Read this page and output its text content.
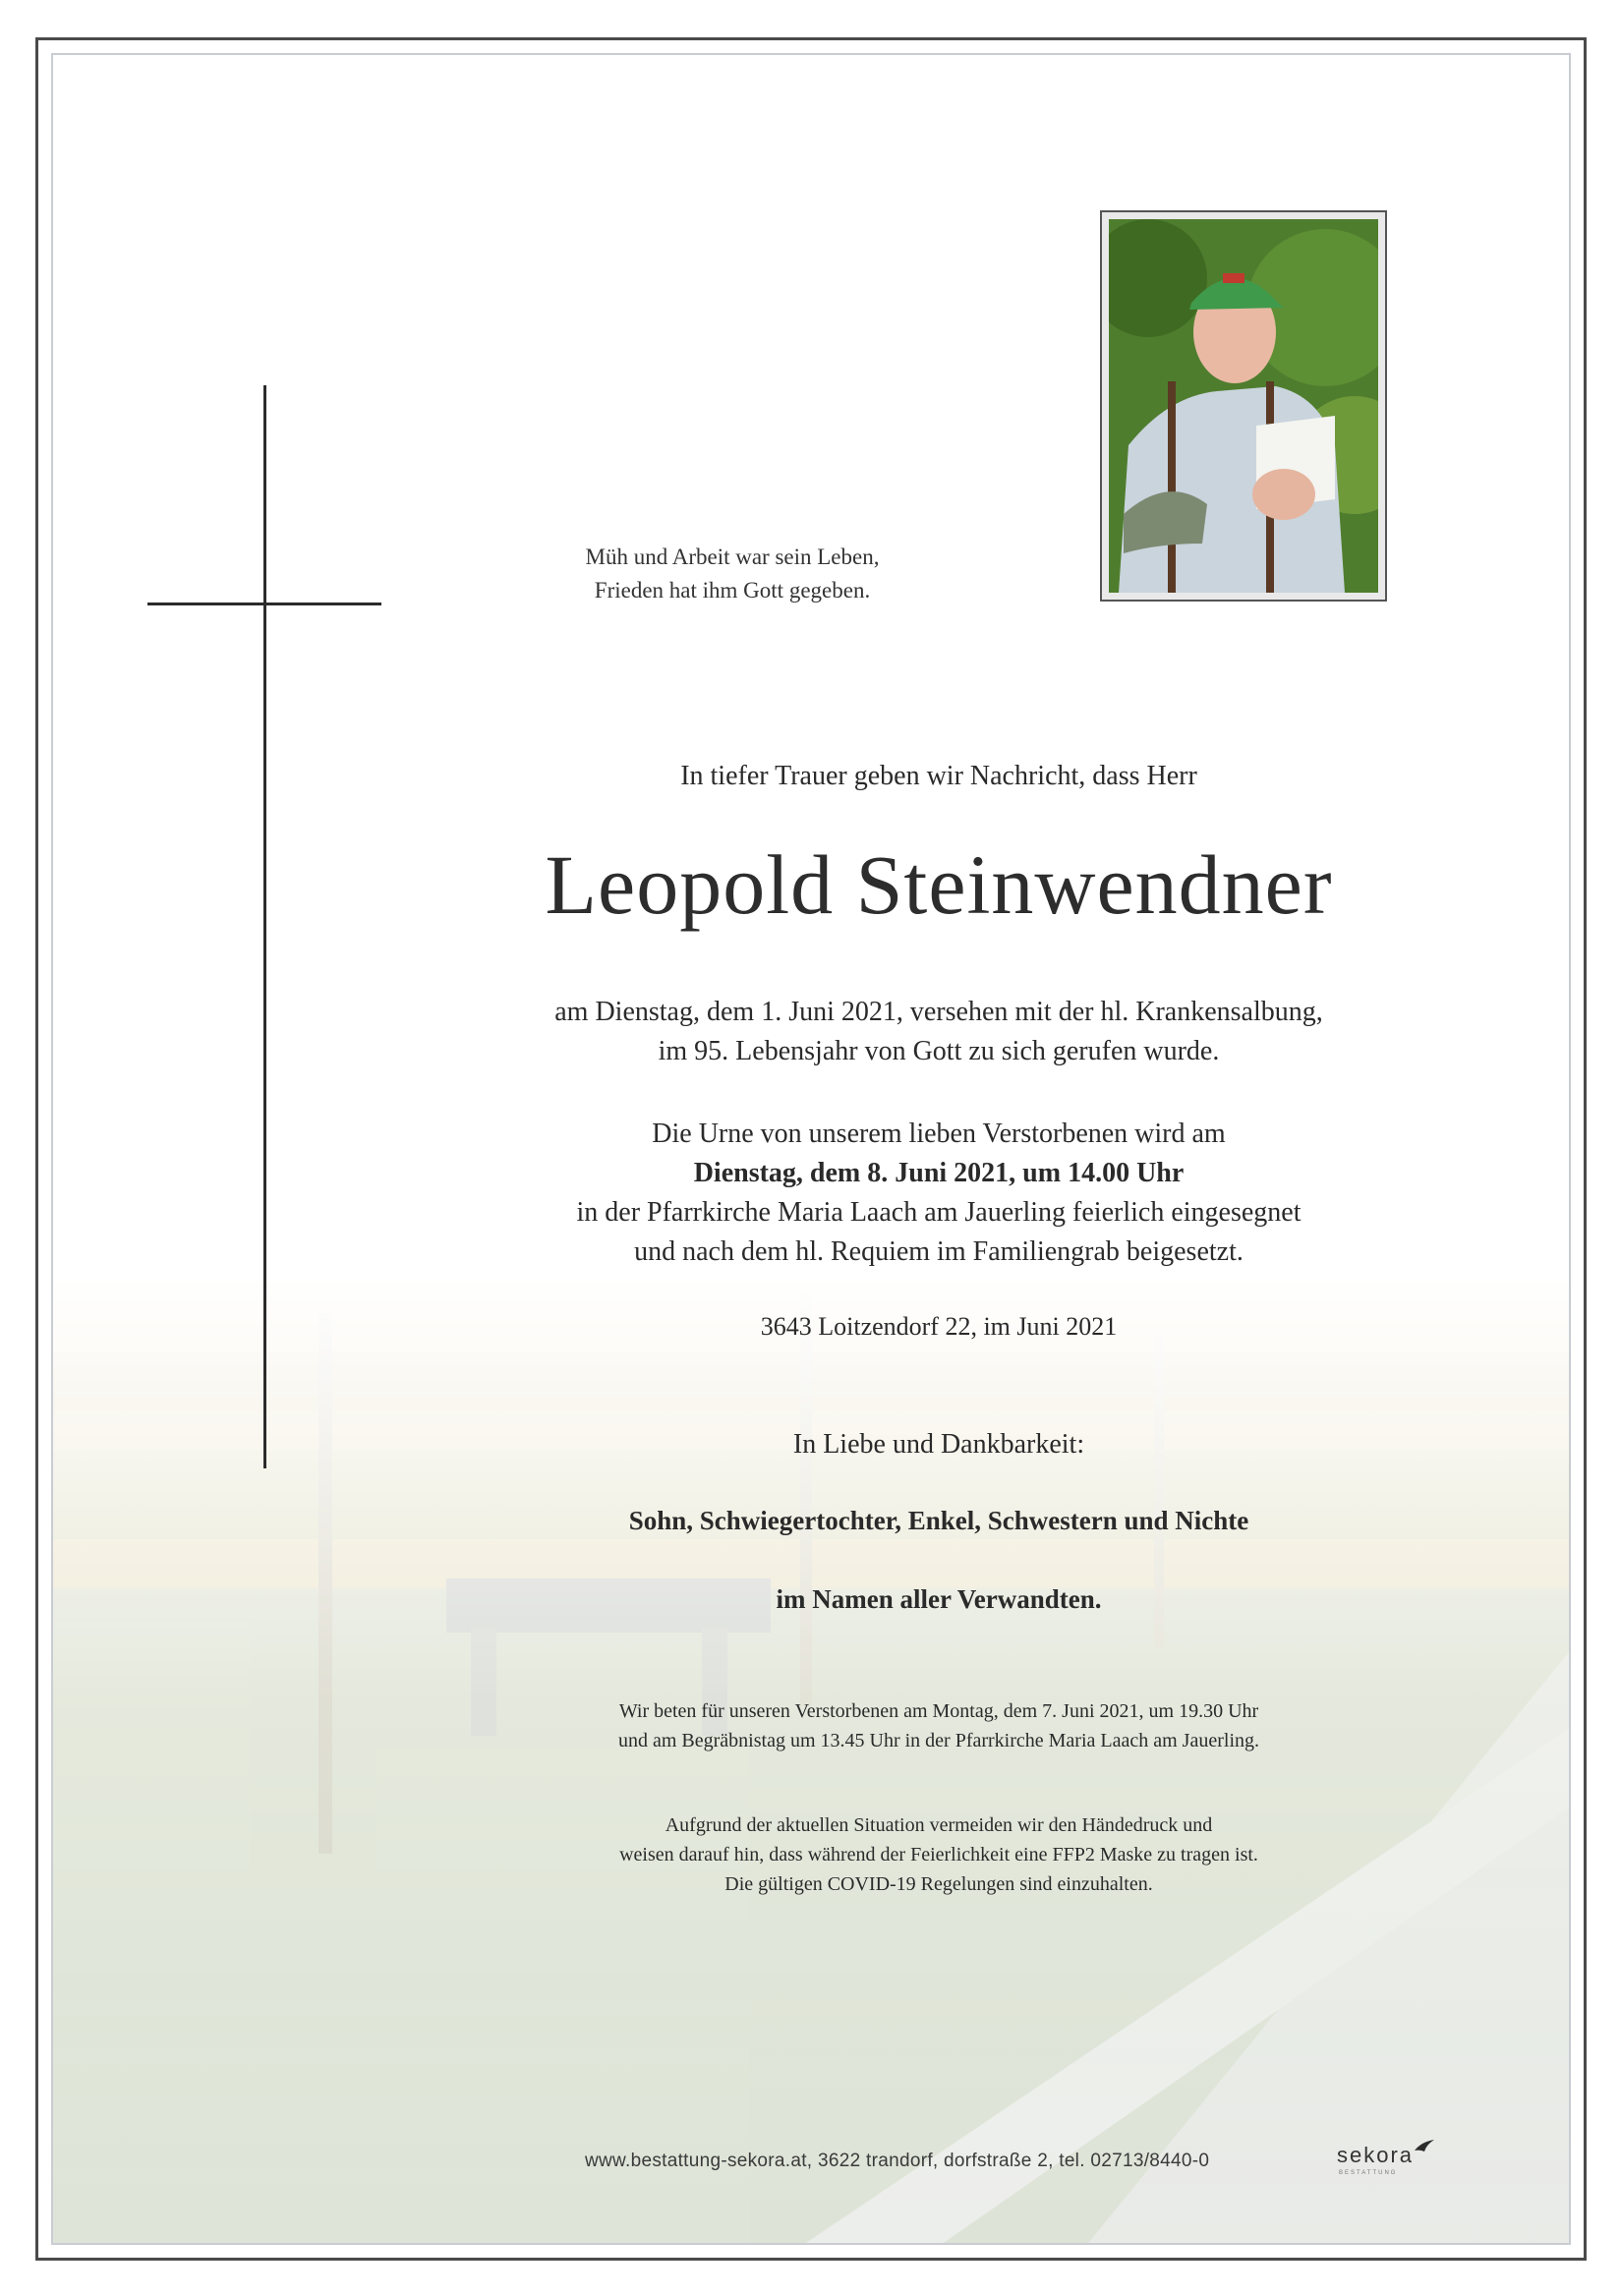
Müh und Arbeit war sein Leben,
Frieden hat ihm Gott gegeben.
In tiefer Trauer geben wir Nachricht, dass Herr
Leopold Steinwendner
am Dienstag, dem 1. Juni 2021, versehen mit der hl. Krankensalbung,
im 95. Lebensjahr von Gott zu sich gerufen wurde.
Die Urne von unserem lieben Verstorbenen wird am
Dienstag, dem 8. Juni 2021, um 14.00 Uhr
in der Pfarrkirche Maria Laach am Jauerling feierlich eingesegnet
und nach dem hl. Requiem im Familiengrab beigesetzt.
3643 Loitzendorf 22, im Juni 2021
In Liebe und Dankbarkeit:
Sohn, Schwiegertochter, Enkel, Schwestern und Nichte
im Namen aller Verwandten.
Wir beten für unseren Verstorbenen am Montag, dem 7. Juni 2021, um 19.30 Uhr
und am Begräbnistag um 13.45 Uhr in der Pfarrkirche Maria Laach am Jauerling.
Aufgrund der aktuellen Situation vermeiden wir den Händedruck und
weisen darauf hin, dass während der Feierlichkeit eine FFP2 Maske zu tragen ist.
Die gültigen COVID-19 Regelungen sind einzuhalten.
www.bestattung-sekora.at, 3622 trandorf, dorfstraße 2, tel. 02713/8440-0	sekora
BESTATTUNG
